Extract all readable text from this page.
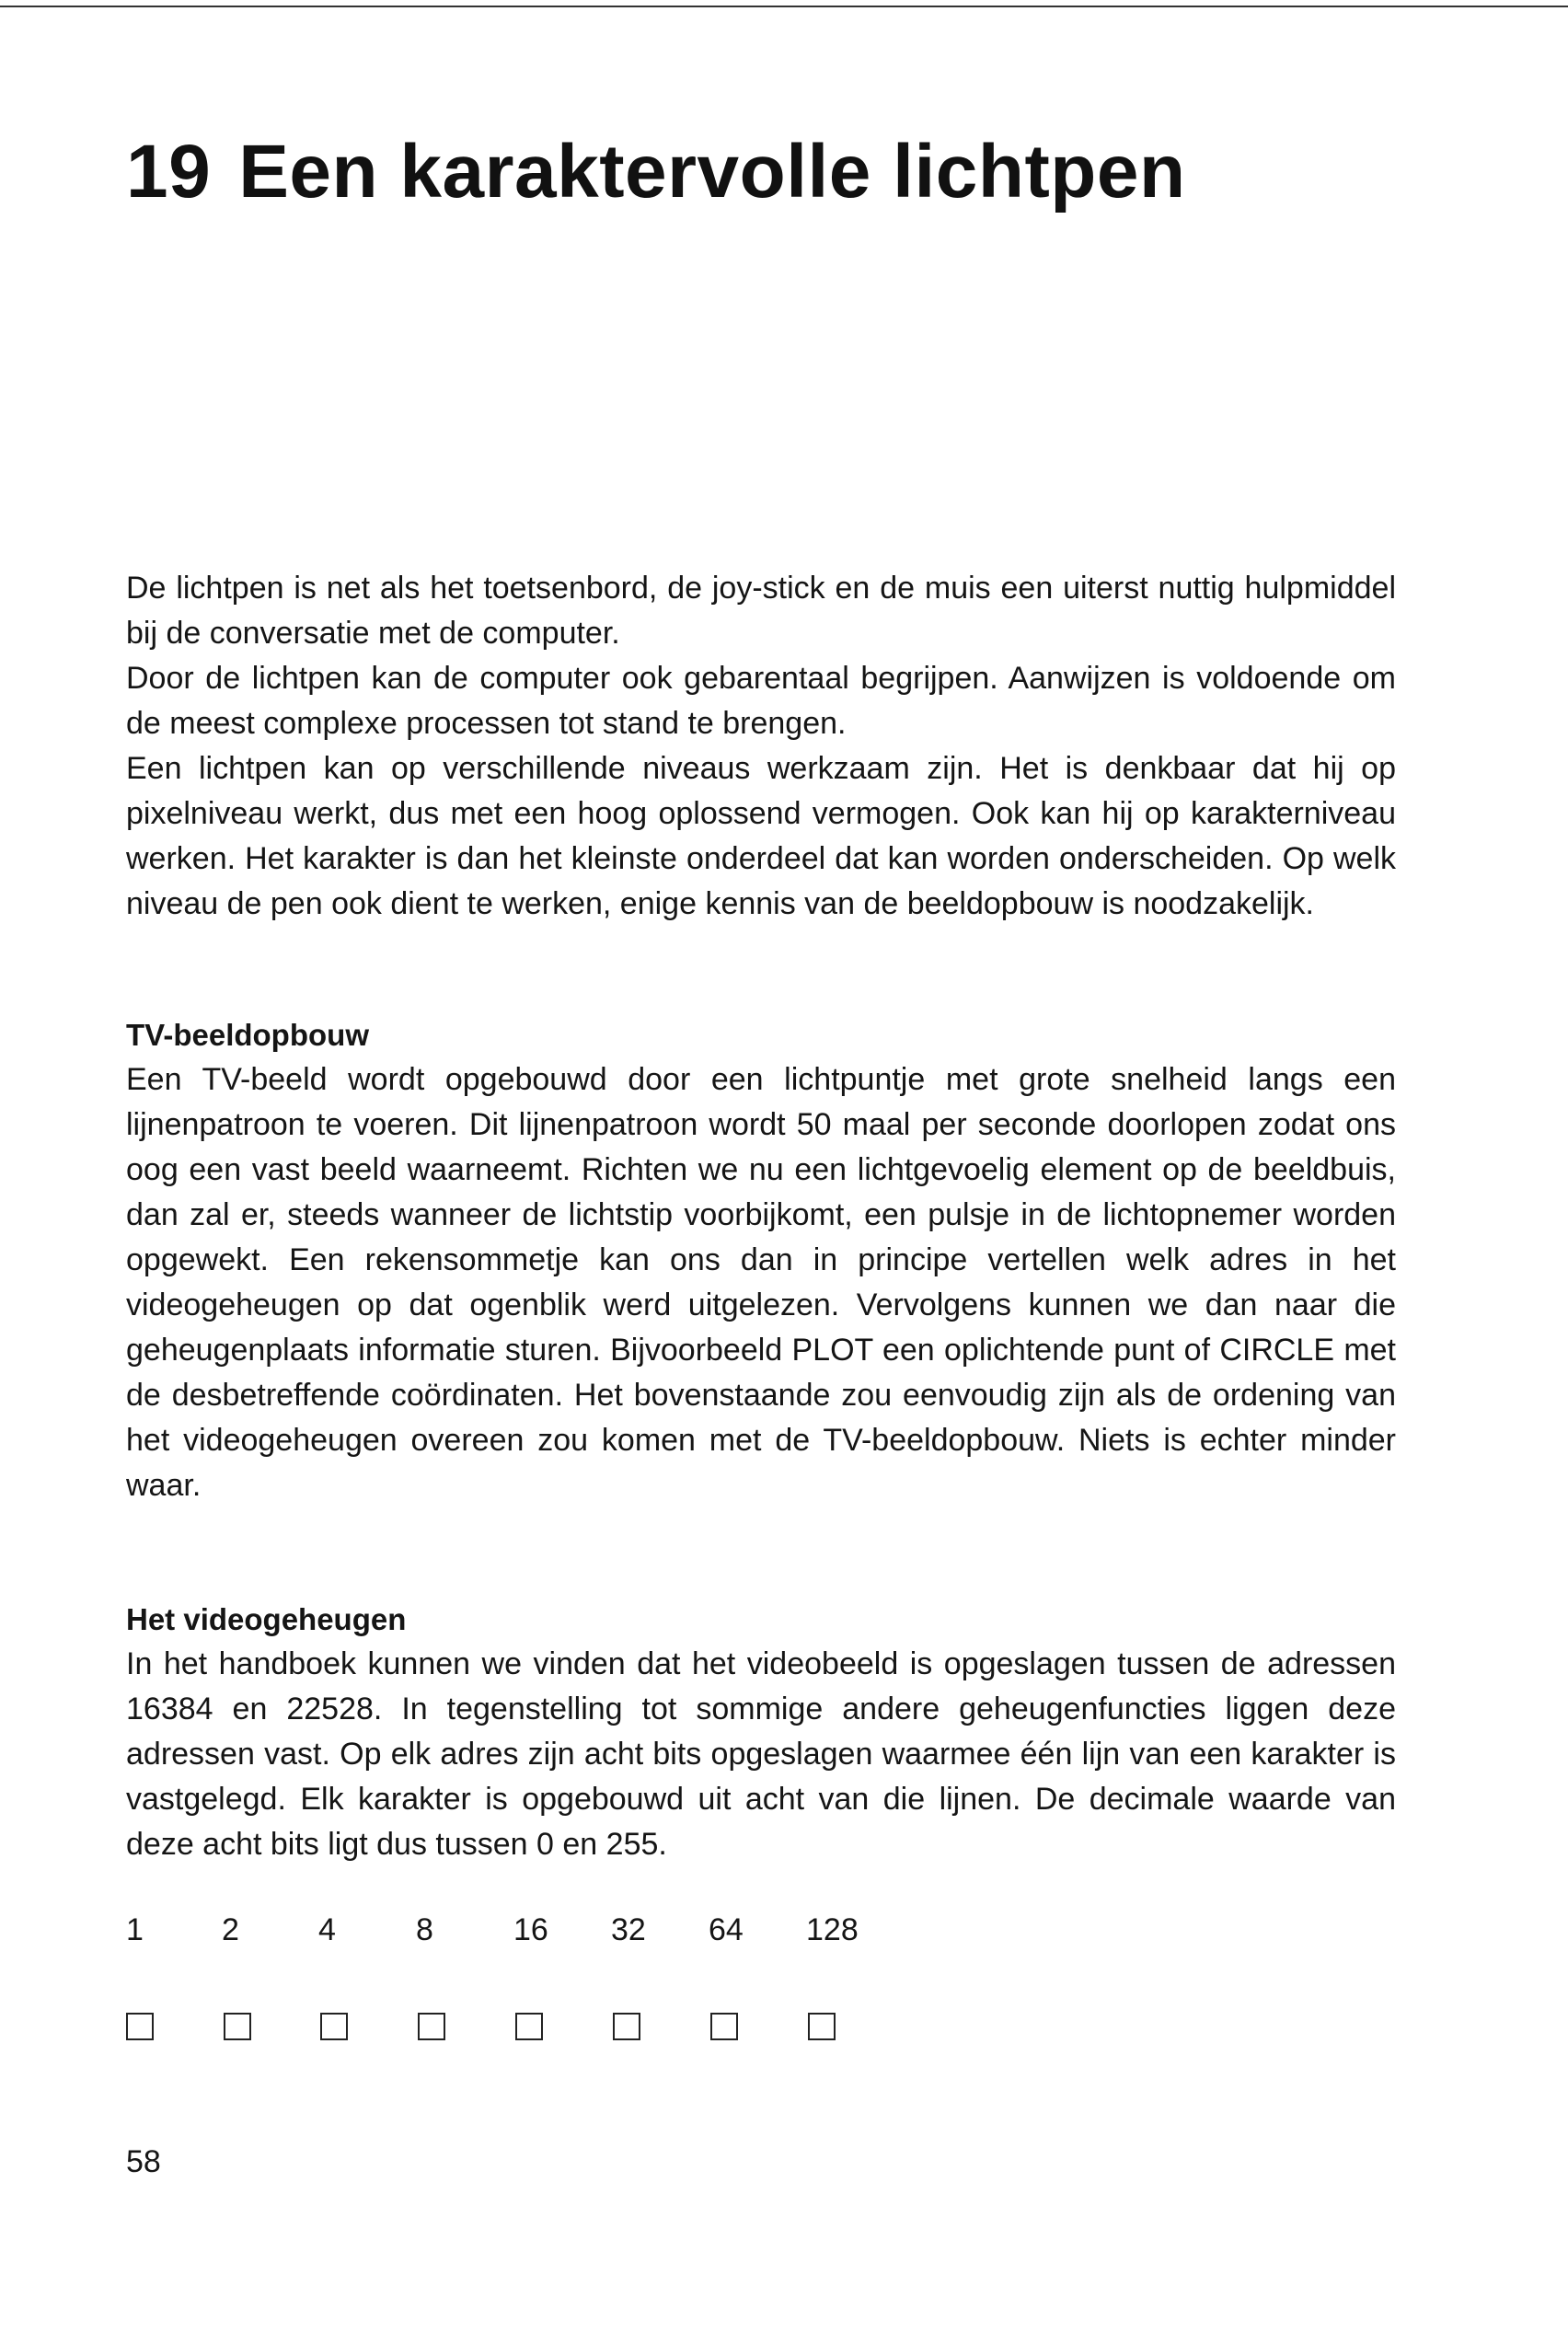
19 Een karaktervolle lichtpen

De lichtpen is net als het toetsenbord, de joy-stick en de muis een uiterst nuttig hulpmiddel bij de conversatie met de computer.

Door de lichtpen kan de computer ook gebarentaal begrijpen. Aanwijzen is voldoende om de meest complexe processen tot stand te brengen.

Een lichtpen kan op verschillende niveaus werkzaam zijn. Het is denkbaar dat hij op pixelniveau werkt, dus met een hoog oplossend vermogen. Ook kan hij op karakterniveau werken. Het karakter is dan het kleinste onderdeel dat kan worden onderscheiden. Op welk niveau de pen ook dient te werken, enige kennis van de beeldopbouw is noodzakelijk.

TV-beeldopbouw

Een TV-beeld wordt opgebouwd door een lichtpuntje met grote snelheid langs een lijnenpatroon te voeren. Dit lijnenpatroon wordt 50 maal per seconde doorlopen zodat ons oog een vast beeld waarneemt. Richten we nu een lichtgevoelig element op de beeldbuis, dan zal er, steeds wanneer de lichtstip voorbijkomt, een pulsje in de lichtopnemer worden opgewekt. Een rekensommetje kan ons dan in principe vertellen welk adres in het videogeheugen op dat ogenblik werd uitgelezen. Vervolgens kunnen we dan naar die geheugenplaats informatie sturen. Bijvoorbeeld PLOT een oplichtende punt of CIRCLE met de desbetreffende coördinaten. Het bovenstaande zou eenvoudig zijn als de ordening van het videogeheugen overeen zou komen met de TV-beeldopbouw. Niets is echter minder waar.

Het videogeheugen

In het handboek kunnen we vinden dat het videobeeld is opgeslagen tussen de adressen 16384 en 22528. In tegenstelling tot sommige andere geheugenfuncties liggen deze adressen vast. Op elk adres zijn acht bits opgeslagen waarmee één lijn van een karakter is vastgelegd. Elk karakter is opgebouwd uit acht van die lijnen. De decimale waarde van deze acht bits ligt dus tussen 0 en 255.

1	2	4	8	16 32 64 128
58
